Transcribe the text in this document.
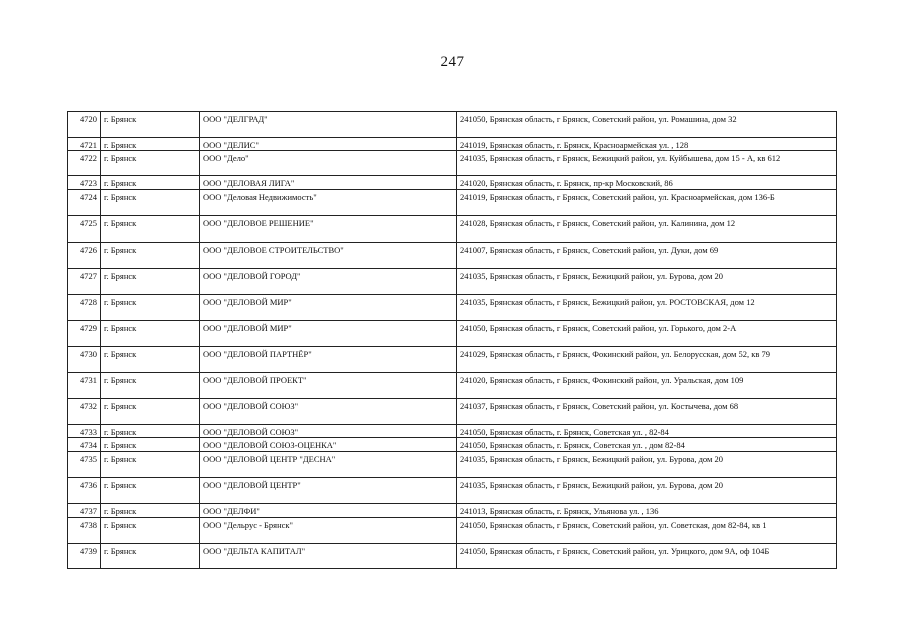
247
4720	г. Брянск	ООО "ДЕЛГРАД"	241050, Брянская область, г Брянск, Советский район, ул. Ромашина, дом 32
4721	г. Брянск	ООО "ДЕЛИС"	241019, Брянская область, г. Брянск, Красноармейская ул. , 128
4722	г. Брянск	ООО "Дело"	241035, Брянская область, г Брянск, Бежицкий район, ул. Куйбышева, дом 15 - А, кв 612
4723	г. Брянск	ООО "ДЕЛОВАЯ ЛИГА"	241020, Брянская область, г. Брянск, пр-кр Московский, 86
4724	г. Брянск	ООО "Деловая Недвижимость"	241019, Брянская область, г Брянск, Советский район, ул. Красноармейская, дом 136-Б
4725	г. Брянск	ООО "ДЕЛОВОЕ РЕШЕНИЕ"	241028, Брянская область, г Брянск, Советский район, ул. Калинина, дом 12
4726	г. Брянск	ООО "ДЕЛОВОЕ СТРОИТЕЛЬСТВО"	241007, Брянская область, г Брянск, Советский район, ул. Дуки, дом 69
4727	г. Брянск	ООО "ДЕЛОВОЙ ГОРОД"	241035, Брянская область, г Брянск, Бежицкий район, ул. Бурова, дом 20
4728	г. Брянск	ООО "ДЕЛОВОЙ МИР"	241035, Брянская область, г Брянск, Бежицкий район, ул. РОСТОВСКАЯ, дом 12
4729	г. Брянск	ООО "ДЕЛОВОЙ МИР"	241050, Брянская область, г Брянск, Советский район, ул. Горького, дом 2-А
4730	г. Брянск	ООО "ДЕЛОВОЙ ПАРТНЁР"	241029, Брянская область, г Брянск, Фокинский район, ул. Белорусская, дом 52, кв 79
4731	г. Брянск	ООО "ДЕЛОВОЙ ПРОЕКТ"	241020, Брянская область, г Брянск, Фокинский район, ул. Уральская, дом 109
4732	г. Брянск	ООО "ДЕЛОВОЙ СОЮЗ"	241037, Брянская область, г Брянск, Советский район, ул. Костычева, дом 68
4733	г. Брянск	ООО "ДЕЛОВОЙ СОЮЗ"	241050, Брянская область, г. Брянск, Советская ул. , 82-84
4734	г. Брянск	ООО "ДЕЛОВОЙ СОЮЗ-ОЦЕНКА"	241050, Брянская область, г. Брянск, Советская ул. , дом 82-84
4735	г. Брянск	ООО "ДЕЛОВОЙ ЦЕНТР "ДЕСНА"	241035, Брянская область, г Брянск, Бежицкий район, ул. Бурова, дом 20
4736	г. Брянск	ООО "ДЕЛОВОЙ ЦЕНТР"	241035, Брянская область, г Брянск, Бежицкий район, ул. Бурова, дом 20
4737	г. Брянск	ООО "ДЕЛФИ"	241013, Брянская область, г. Брянск, Ульянова ул. , 136
4738	г. Брянск	ООО "Дельрус - Брянск"	241050, Брянская область, г Брянск, Советский район, ул. Советская, дом 82-84, кв 1
4739	г. Брянск	ООО "ДЕЛЬТА КАПИТАЛ"	241050, Брянская область, г Брянск, Советский район, ул. Урицкого, дом 9А, оф 104Б
